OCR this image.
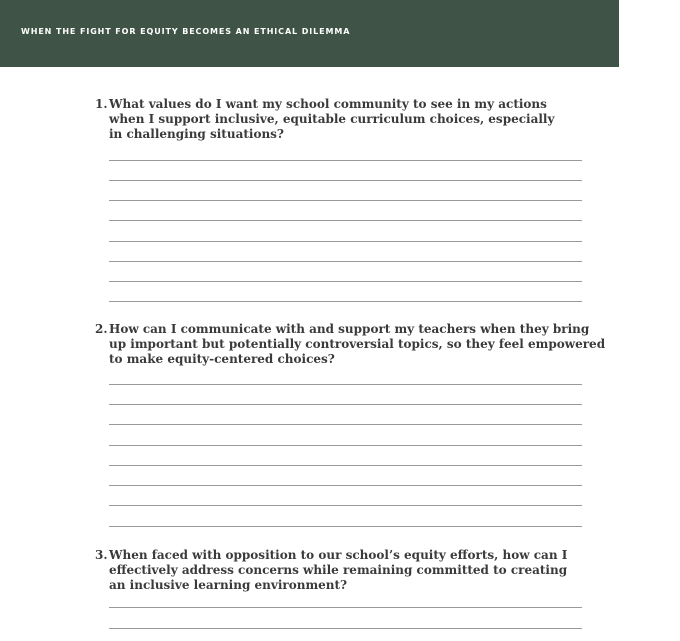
WHEN THE FIGHT FOR EQUITY BECOMES AN ETHICAL DILEMMA
1. What values do I want my school community to see in my actions
when I support inclusive, equitable curriculum choices, especially
in challenging situations?
2. How can I communicate with and support my teachers when they bring
up important but potentially controversial topics, so they feel empowered
to make equity-centered choices?
3. When faced with opposition to our school’s equity efforts, how can I
effectively address concerns while remaining committed to creating
an inclusive learning environment?
